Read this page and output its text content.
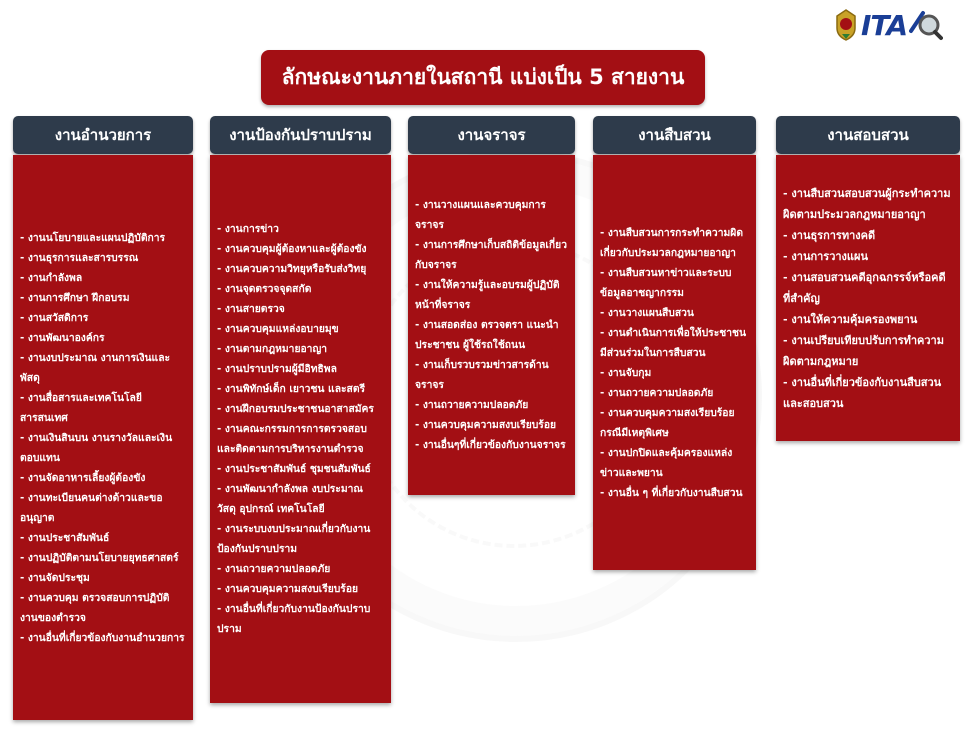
ITA
ลักษณะงานภายในสถานี แบ่งเป็น 5 สายงาน
งานอำนวยการ
- งานนโยบายและแผนปฏิบัติการ
- งานธุรการและสารบรรณ
- งานกำลังพล
- งานการศึกษา ฝึกอบรม
- งานสวัสดิการ
- งานพัฒนาองค์กร
- งานงบประมาณ งานการเงินและพัสดุ
- งานสื่อสารและเทคโนโลยีสารสนเทศ
- งานเงินสินบน งานรางวัลและเงินตอบแทน
- งานจัดอาหารเลี้ยงผู้ต้องขัง
- งานทะเบียนคนต่างด้าวและขออนุญาต
- งานประชาสัมพันธ์
- งานปฏิบัติตามนโยบายยุทธศาสตร์
- งานจัดประชุม
- งานควบคุม ตรวจสอบการปฏิบัติงานของตำรวจ
- งานอื่นที่เกี่ยวข้องกับงานอำนวยการ
งานป้องกันปราบปราม
- งานการข่าว
- งานควบคุมผู้ต้องหาและผู้ต้องขัง
- งานควบความวิทยุหรือรับส่งวิทยุ
- งานจุดตรวจจุดสกัด
- งานสายตรวจ
- งานควบคุมแหล่งอบายมุข
- งานตามกฎหมายอาญา
- งานปราบปรามผู้มีอิทธิพล
- งานพิทักษ์เด็ก เยาวชน และสตรี
- งานฝึกอบรมประชาชนอาสาสมัคร
- งานคณะกรรมการการตรวจสอบและติดตามการบริหารงานตำรวจ
- งานประชาสัมพันธ์ ชุมชนสัมพันธ์
- งานพัฒนากำลังพล งบประมาณ วัสดุ อุปกรณ์ เทคโนโลยี
- งานระบบงบประมาณเกี่ยวกับงานป้องกันปราบปราม
- งานถวายความปลอดภัย
- งานควบคุมความสงบเรียบร้อย
- งานอื่นที่เกี่ยวกับงานป้องกันปราบปราม
งานจราจร
- งานวางแผนและควบคุมการจราจร
- งานการศึกษาเก็บสถิติข้อมูลเกี่ยวกับจราจร
- งานให้ความรู้และอบรมผู้ปฏิบัติหน้าที่จราจร
- งานสอดส่อง ตรวจตรา แนะนำประชาชน ผู้ใช้รถใช้ถนน
- งานเก็บรวบรวมข่าวสารด้านจราจร
- งานถวายความปลอดภัย
- งานควบคุมความสงบเรียบร้อย
- งานอื่นๆที่เกี่ยวข้องกับงานจราจร
งานสืบสวน
- งานสืบสวนการกระทำความผิดเกี่ยวกับประมวลกฎหมายอาญา
- งานสืบสวนหาข่าวและระบบข้อมูลอาชญากรรม
- งานวางแผนสืบสวน
- งานดำเนินการเพื่อให้ประชาชนมีส่วนร่วมในการสืบสวน
- งานจับกุม
- งานถวายความปลอดภัย
- งานควบคุมความสงเรียบร้อยกรณีมีเหตุพิเศษ
- งานปกปิดและคุ้มครองแหล่งข่าวและพยาน
- งานอื่น ๆ ที่เกี่ยวกับงานสืบสวน
งานสอบสวน
- งานสืบสวนสอบสวนผู้กระทำความผิดตามประมวลกฎหมายอาญา
- งานธุรการทางคดี
- งานการวางแผน
- งานสอบสวนคดีอุกฉกรรจ์หรือคดี ที่สำคัญ
- งานให้ความคุ้มครองพยาน
- งานเปรียบเทียบปรับการทำความผิดตามกฎหมาย
- งานอื่นที่เกี่ยวข้องกับงานสืบสวนและสอบสวน
